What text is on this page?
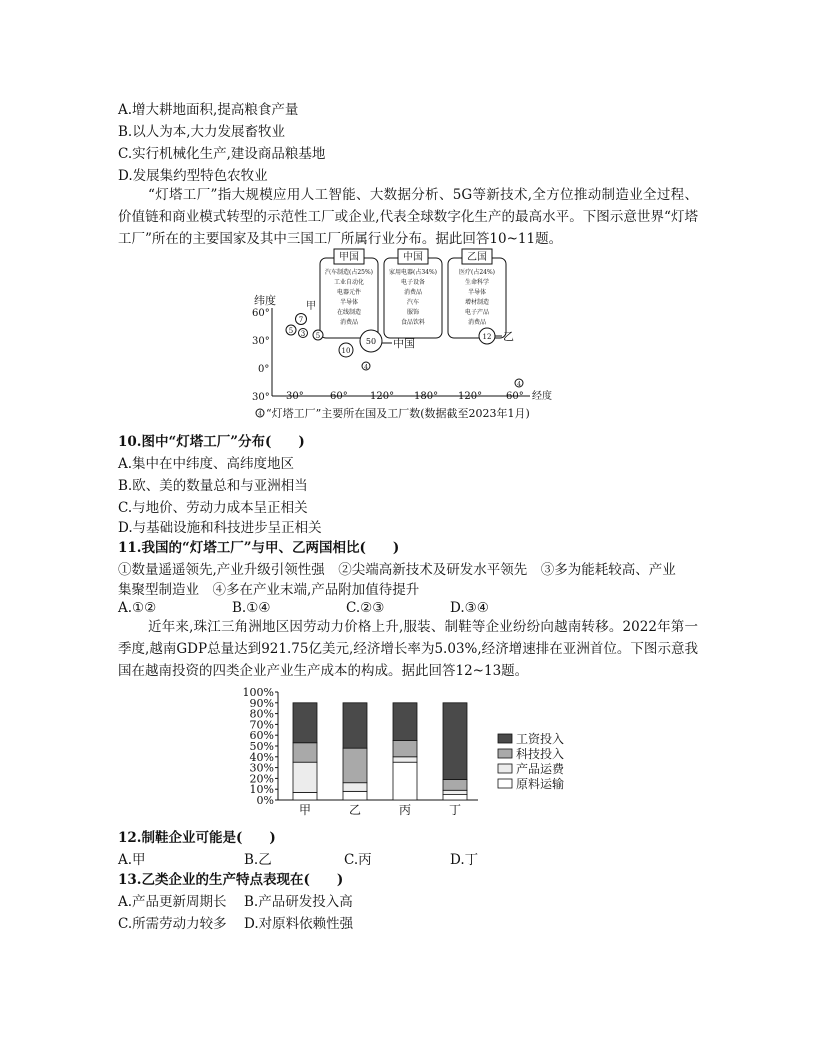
A.增大耕地面积,提高粮食产量
B.以人为本,大力发展畜牧业
C.实行机械化生产,建设商品粮基地
D.发展集约型特色农牧业
“灯塔工厂”指大规模应用人工智能、大数据分析、5G等新技术,全方位推动制造业全过程、价值链和商业模式转型的示范性工厂或企业,代表全球数字化生产的最高水平。下图示意世界“灯塔工厂”所在的主要国家及其中三国工厂所属行业分布。据此回答10~11题。
甲国
汽车制造(占25%)
工业自动化
电器元件
半导体
在线制造
消费品
中国
家用电器(占34%)
电子设备
消费品
汽车
服饰
食品饮料
乙国
医疗(占24%)
生命科学
半导体
增材制造
电子产品
消费品
纬度
60°
30°
0°
30° 30°	60° 120° 180° 120° 60° 经度
7
甲
5 3 5
10
50 中国
4
12 乙
4
4 “灯塔工厂”主要所在国及工厂数(数据截至2023年1月)
10.图中“灯塔工厂”分布(　　)
A.集中在中纬度、高纬度地区
B.欧、美的数量总和与亚洲相当
C.与地价、劳动力成本呈正相关
D.与基础设施和科技进步呈正相关
11.我国的“灯塔工厂”与甲、乙两国相比(　　)
①数量遥遥领先,产业升级引领性强　②尖端高新技术及研发水平领先　③多为能耗较高、产业
集聚型制造业　④多在产业末端,产品附加值待提升
A.①②	B.①④	C.②③	D.③④
近年来,珠江三角洲地区因劳动力价格上升,服装、制鞋等企业纷纷向越南转移。2022年第一季度,越南GDP总量达到921.75亿美元,经济增长率为5.03%,经济增速排在亚洲首位。下图示意我国在越南投资的四类企业产业生产成本的构成。据此回答12~13题。
0%
10%
20%
30%
40%
50%
60%
70%
80%
90%
100%
甲	乙	丙	丁
工资投入
科技投入
产品运费
原料运输
12.制鞋企业可能是(　　)
A.甲	B.乙	C.丙	D.丁
13.乙类企业的生产特点表现在(　　)
A.产品更新周期长 B.产品研发投入高
C.所需劳动力较多 D.对原料依赖性强
